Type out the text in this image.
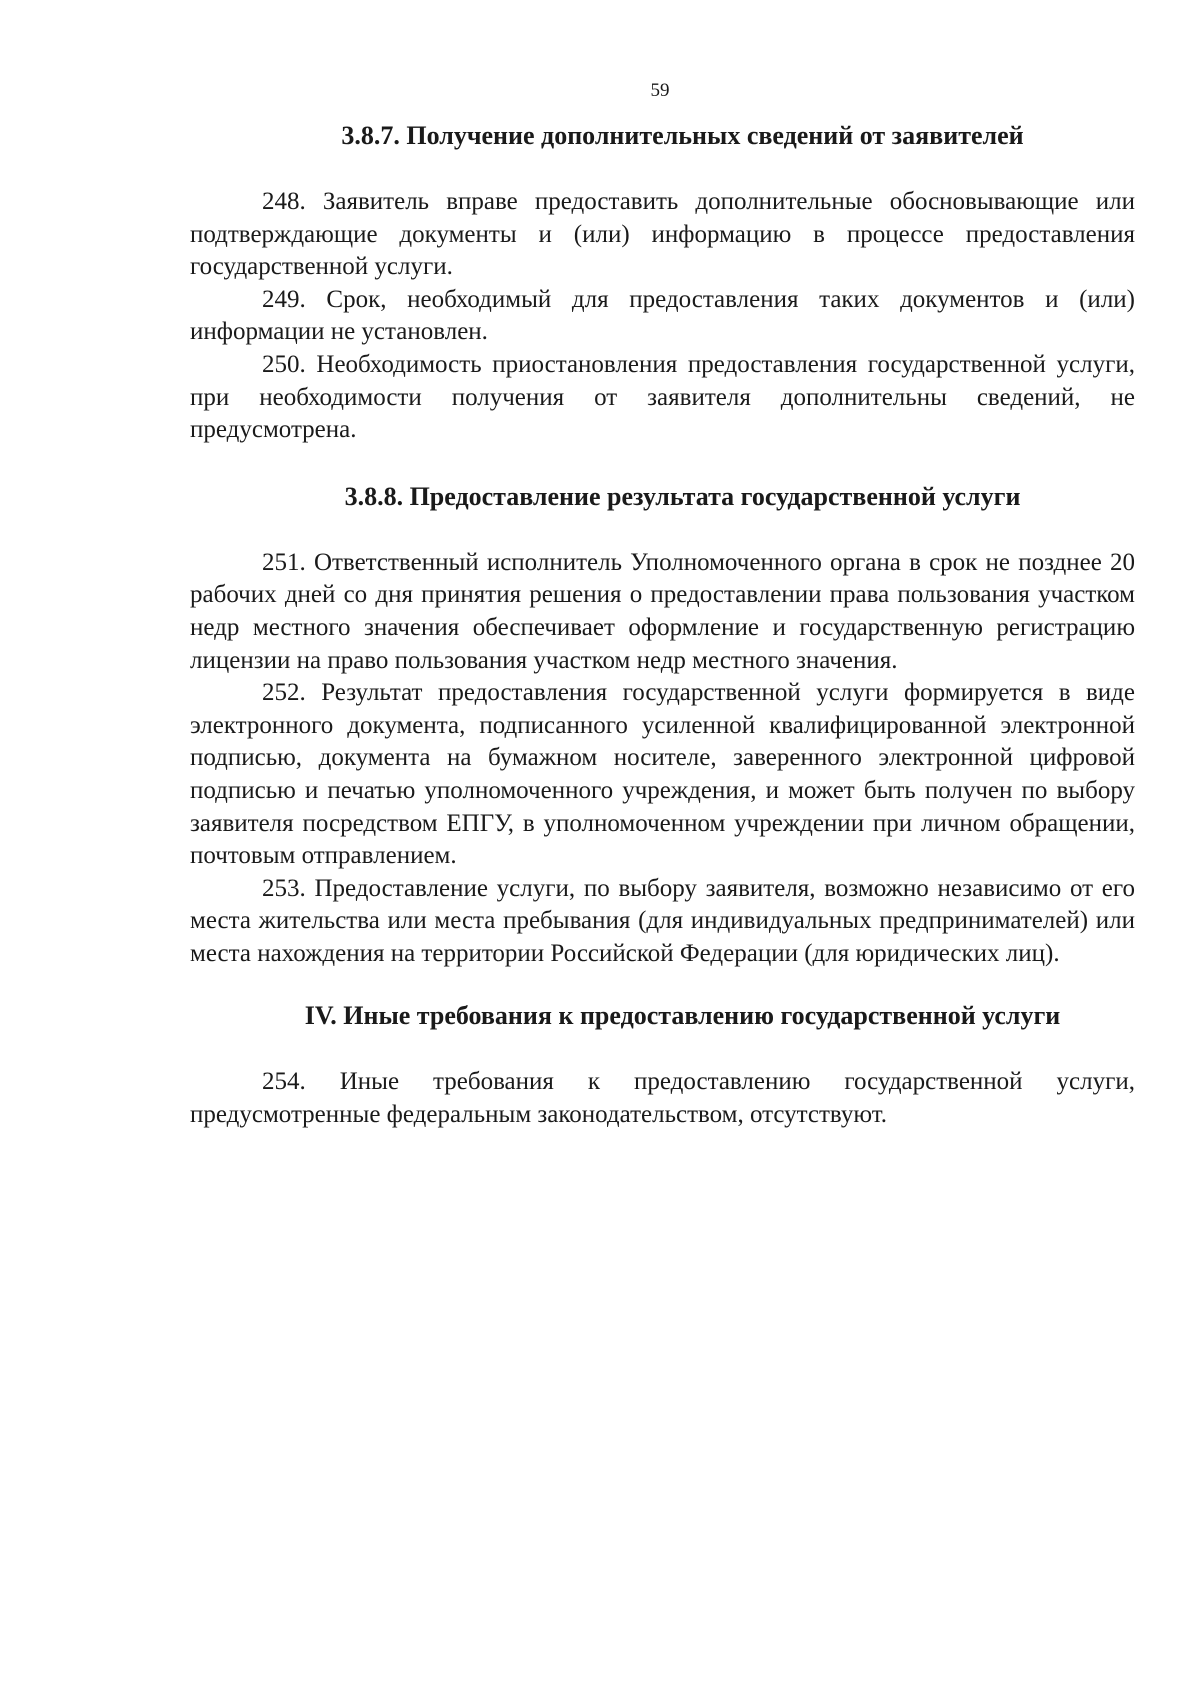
59
3.8.7. Получение дополнительных сведений от заявителей

248. Заявитель вправе предоставить дополнительные обосновывающие или подтверждающие документы и (или) информацию в процессе предоставления государственной услуги.

249. Срок, необходимый для предоставления таких документов и (или) информации не установлен.

250. Необходимость приостановления предоставления государственной услуги, при необходимости получения от заявителя дополнительны сведений, не предусмотрена.

3.8.8. Предоставление результата государственной услуги

251. Ответственный исполнитель Уполномоченного органа в срок не позднее 20 рабочих дней со дня принятия решения о предоставлении права пользования участком недр местного значения обеспечивает оформление и государственную регистрацию лицензии на право пользования участком недр местного значения.

252. Результат предоставления государственной услуги формируется в виде электронного документа, подписанного усиленной квалифицированной электронной подписью, документа на бумажном носителе, заверенного электронной цифровой подписью и печатью уполномоченного учреждения, и может быть получен по выбору заявителя посредством ЕПГУ, в уполномоченном учреждении при личном обращении, почтовым отправлением.

253. Предоставление услуги, по выбору заявителя, возможно независимо от его места жительства или места пребывания (для индивидуальных предпринимателей) или места нахождения на территории Российской Федерации (для юридических лиц).

IV. Иные требования к предоставлению государственной услуги

254. Иные требования к предоставлению государственной услуги, предусмотренные федеральным законодательством, отсутствуют.
